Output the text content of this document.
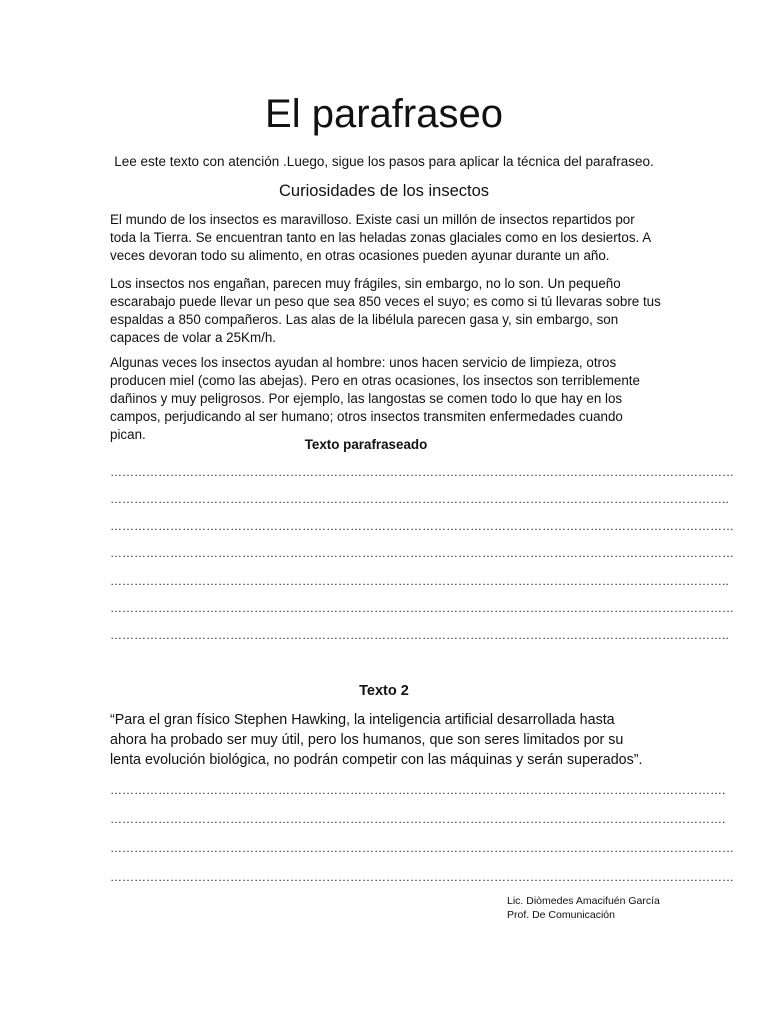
El parafraseo

Lee este texto con atención .Luego, sigue los pasos para aplicar la técnica del parafraseo.

Curiosidades de los insectos

El mundo de los insectos es maravilloso. Existe casi un millón de insectos repartidos por toda la Tierra. Se encuentran tanto en las heladas zonas glaciales como en los desiertos. A veces devoran todo su alimento, en otras ocasiones pueden ayunar durante un año.

Los insectos nos engañan, parecen muy frágiles, sin embargo, no lo son. Un pequeño escarabajo puede llevar un peso que sea 850 veces el suyo; es como si tú llevaras sobre tus espaldas a 850 compañeros. Las alas de la libélula parecen gasa y, sin embargo, son capaces de volar a 25Km/h.

Algunas veces los insectos ayudan al hombre: unos hacen servicio de limpieza, otros producen miel (como las abejas). Pero en otras ocasiones, los insectos son terriblemente dañinos y muy peligrosos. Por ejemplo, las langostas se comen todo lo que hay en los campos, perjudicando al ser humano; otros insectos transmiten enfermedades cuando pican.

Texto parafraseado

…………………………………………………………………………………………………………………………………………

………………………………………………………………………………………………………………………………………..

…………………………………………………………………………………………………………………………………………

…………………………………………………………………………………………………………………………………………

………………………………………………………………………………………………………………………………………..

…………………………………………………………………………………………………………………………………………

………………………………………………………………………………………………………………………………………..

Texto 2

“Para el gran físico Stephen Hawking, la inteligencia artificial desarrollada hasta ahora ha probado ser muy útil, pero los humanos, que son seres limitados por su lenta evolución biológica, no podrán competir con las máquinas y serán superados”.

……………………………………………………………………………………………………………………………………….

……………………………………………………………………………………………………………………………………….

…………………………………………………………………………………………………………………………………………

…………………………………………………………………………………………………………………………………………

Lic. Diòmedes Amacifuén García
Prof. De Comunicación
